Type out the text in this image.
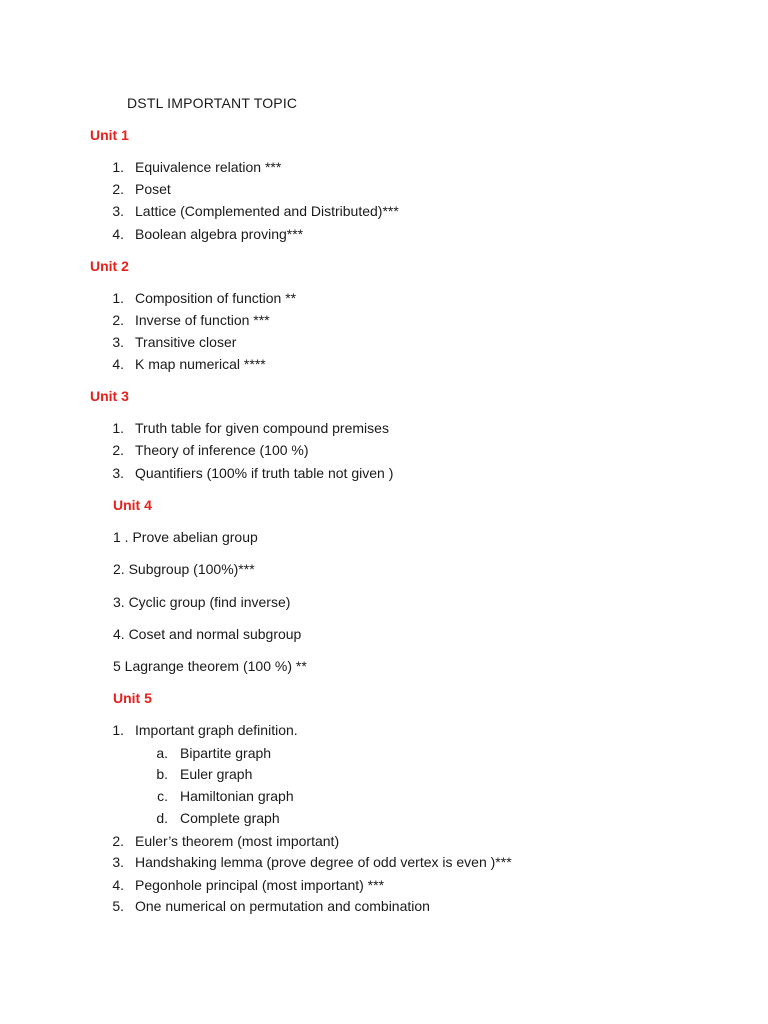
DSTL IMPORTANT TOPIC
Unit 1
1. Equivalence relation ***
2. Poset
3. Lattice (Complemented and Distributed)***
4. Boolean algebra proving***
Unit 2
1. Composition of function **
2. Inverse of function ***
3. Transitive closer
4. K map numerical ****
Unit 3
1. Truth table for given compound premises
2. Theory of inference (100 %)
3. Quantifiers (100% if truth table not given )
Unit 4
1 . Prove abelian group
2. Subgroup (100%)***
3. Cyclic group (find inverse)
4. Coset and normal subgroup
5 Lagrange theorem (100 %) **
Unit 5
1. Important graph definition.
a. Bipartite graph
b. Euler graph
c. Hamiltonian graph
d. Complete graph
2. Euler’s theorem (most important)
3. Handshaking lemma (prove degree of odd vertex is even )***
4. Pegonhole principal (most important) ***
5. One numerical on permutation and combination
